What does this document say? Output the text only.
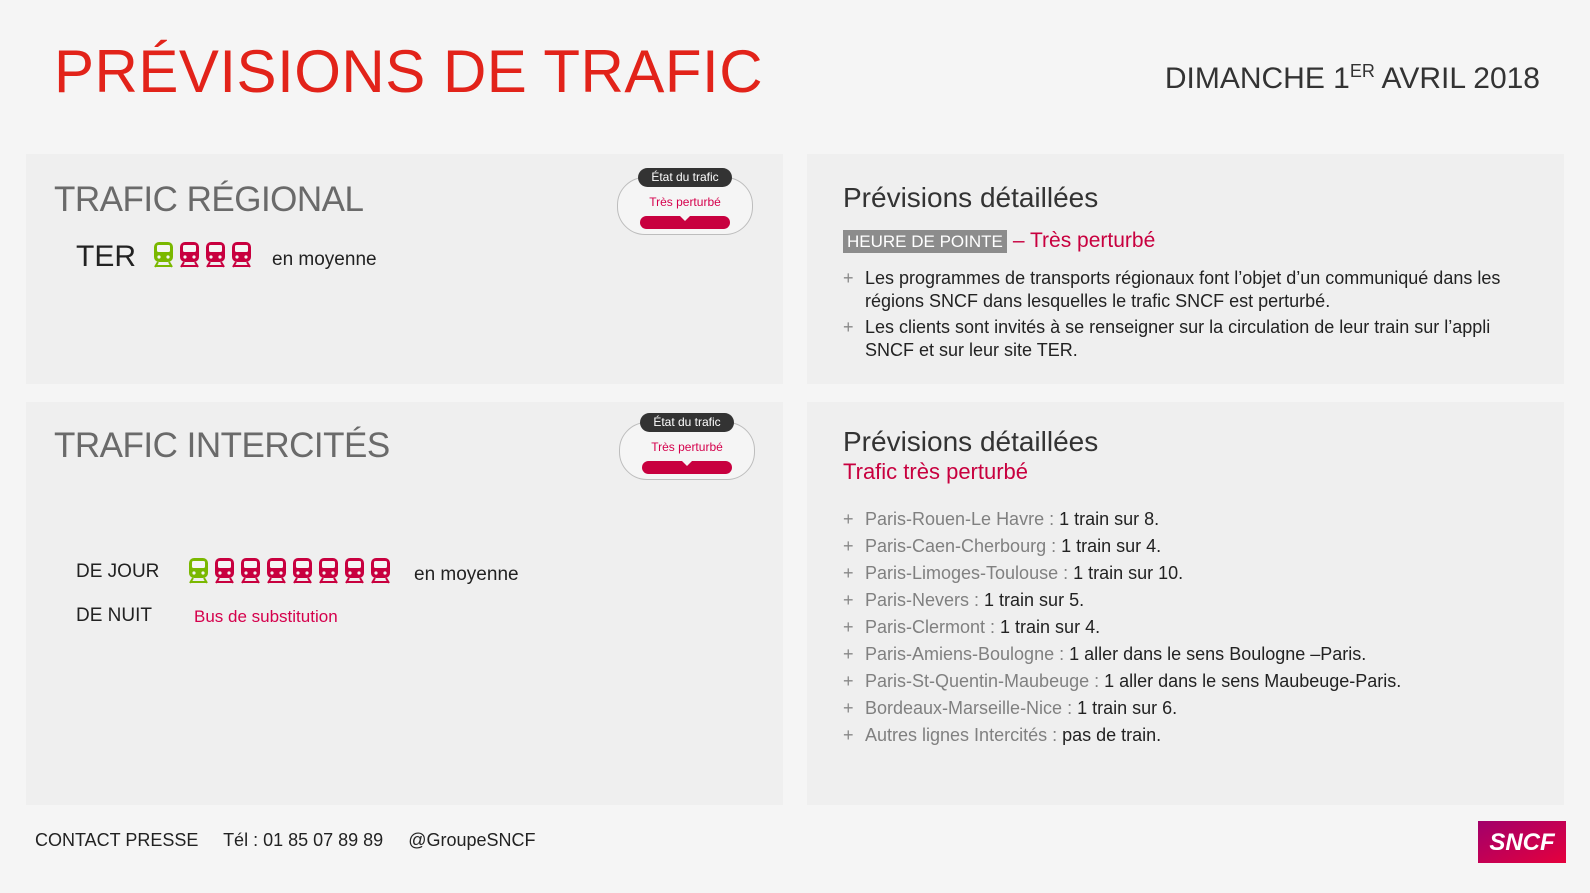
PRÉVISIONS DE TRAFIC	DIMANCHE 1ER AVRIL 2018
TRAFIC RÉGIONAL
État du trafic
Très perturbé
TER	en moyenne
TRAFIC INTERCITÉS
État du trafic
Très perturbé
DE JOUR	en moyenne
DE NUIT Bus de substitution
Prévisions détaillées
HEURE DE POINTE – Très perturbé
+ Les programmes de transports régionaux font l’objet d’un communiqué dans les régions SNCF dans lesquelles le trafic SNCF est perturbé.
+ Les clients sont invités à se renseigner sur la circulation de leur train sur l’appli SNCF et sur leur site TER.
Prévisions détaillées
Trafic très perturbé
+ Paris-Rouen-Le Havre : 1 train sur 8.
+ Paris-Caen-Cherbourg : 1 train sur 4.
+ Paris-Limoges-Toulouse : 1 train sur 10.
+ Paris-Nevers : 1 train sur 5.
+ Paris-Clermont : 1 train sur 4.
+ Paris-Amiens-Boulogne : 1 aller dans le sens Boulogne –Paris.
+ Paris-St-Quentin-Maubeuge : 1 aller dans le sens Maubeuge-Paris.
+ Bordeaux-Marseille-Nice : 1 train sur 6.
+ Autres lignes Intercités : pas de train.
CONTACT PRESSE Tél : 01 85 07 89 89 @GroupeSNCF	SNCF
